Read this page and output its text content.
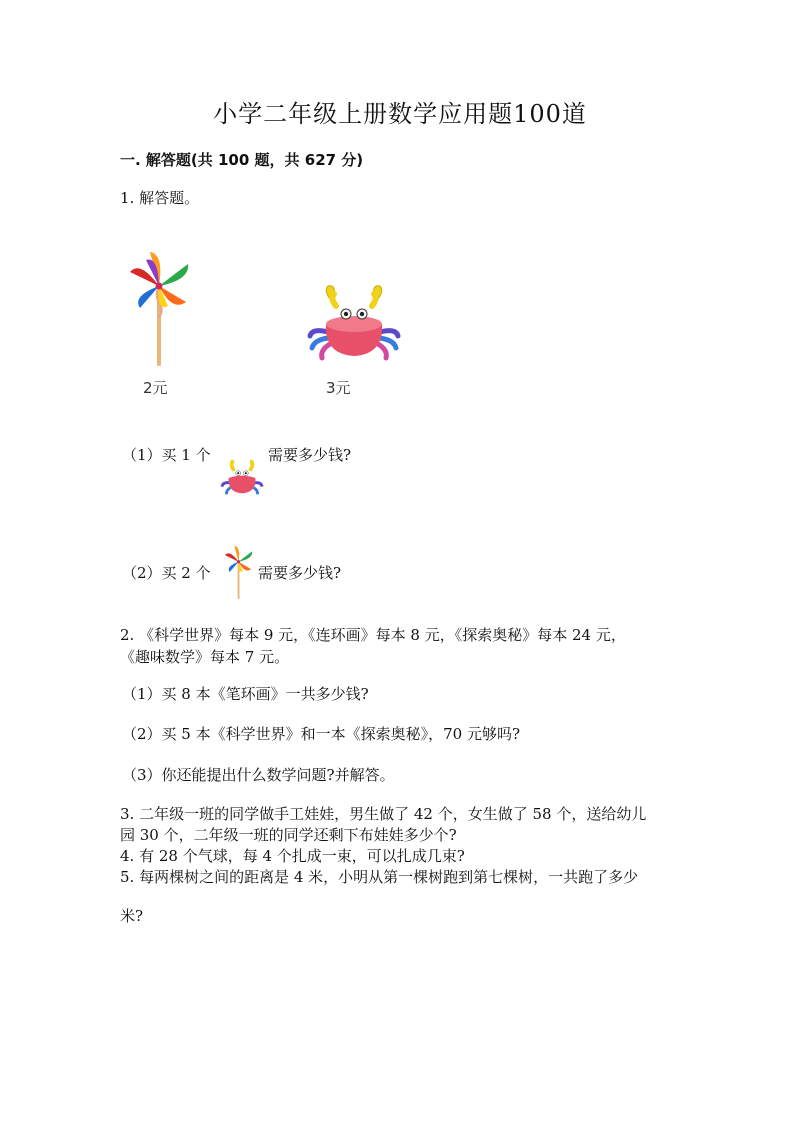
小学二年级上册数学应用题100道
一. 解答题(共 100 题，共 627 分)
1. 解答题。
2元	3元
（1）买 1 个	需要多少钱?
（2）买 2 个	需要多少钱?
2. 《科学世界》每本 9 元，《连环画》每本 8 元，《探索奥秘》每本 24 元，
《趣味数学》每本 7 元。
（1）买 8 本《笔环画》一共多少钱?
（2）买 5 本《科学世界》和一本《探索奥秘》，70 元够吗?
（3）你还能提出什么数学问题?并解答。
3. 二年级一班的同学做手工娃娃，男生做了 42 个，女生做了 58 个，送给幼儿
园 30 个，二年级一班的同学还剩下布娃娃多少个?
4. 有 28 个气球，每 4 个扎成一束，可以扎成几束?
5. 每两棵树之间的距离是 4 米，小明从第一棵树跑到第七棵树，一共跑了多少
米?
